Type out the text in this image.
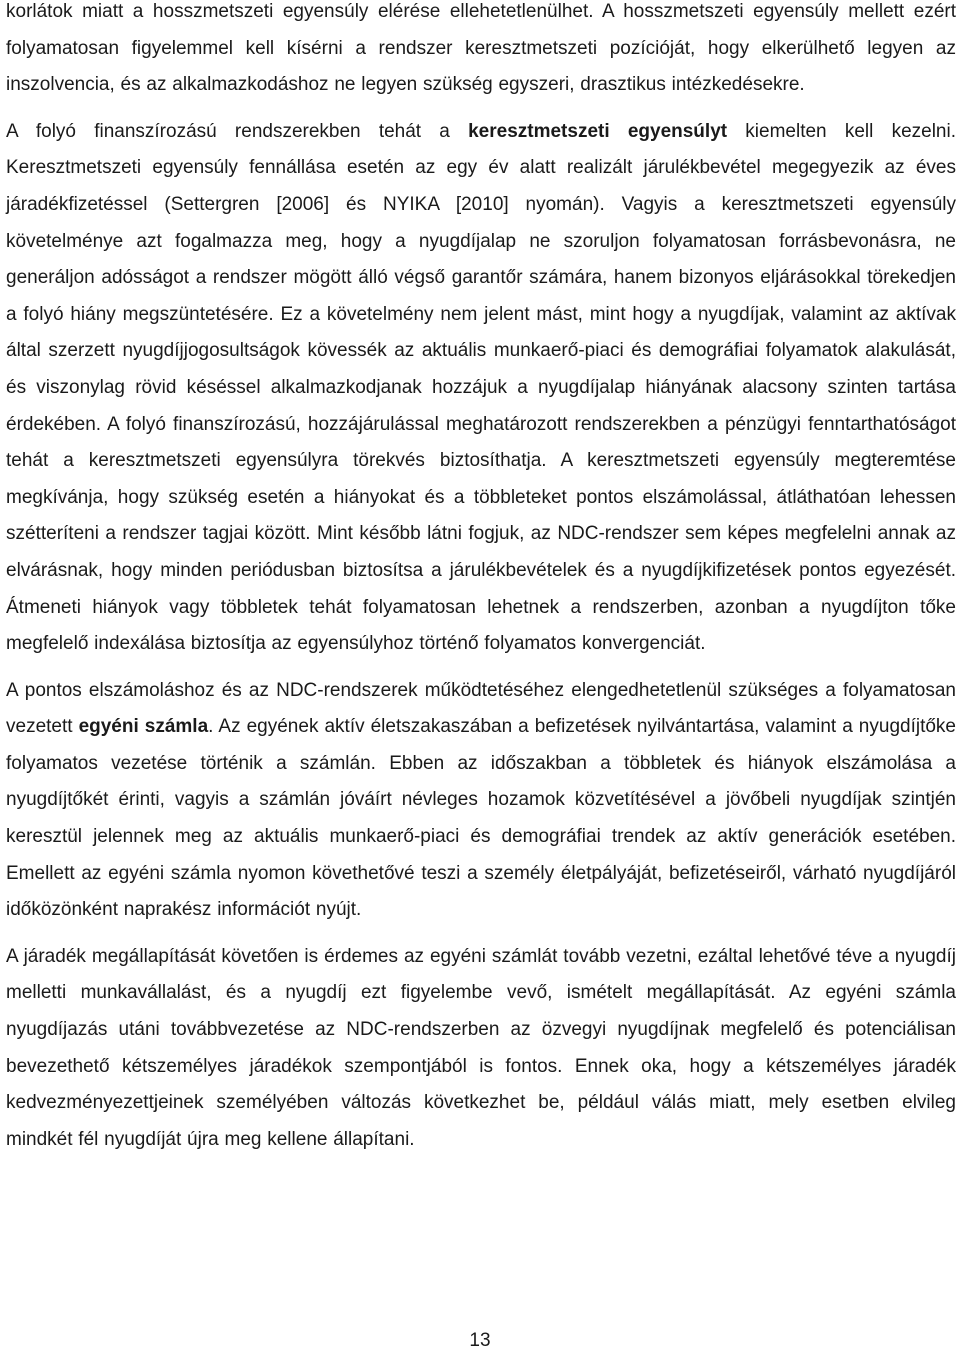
korlátok miatt a hosszmetszeti egyensúly elérése ellehetetlenülhet. A hosszmetszeti egyensúly mellett ezért folyamatosan figyelemmel kell kísérni a rendszer keresztmetszeti pozícióját, hogy elkerülhető legyen az inszolvencia, és az alkalmazkodáshoz ne legyen szükség egyszeri, drasztikus intézkedésekre.

A folyó finanszírozású rendszerekben tehát a keresztmetszeti egyensúlyt kiemelten kell kezelni. Keresztmetszeti egyensúly fennállása esetén az egy év alatt realizált járulékbevétel megegyezik az éves járadékfizetéssel (Settergren [2006] és NYIKA [2010] nyomán). Vagyis a keresztmetszeti egyensúly követelménye azt fogalmazza meg, hogy a nyugdíjalap ne szoruljon folyamatosan forrásbevonásra, ne generáljon adósságot a rendszer mögött álló végső garantőr számára, hanem bizonyos eljárásokkal törekedjen a folyó hiány megszüntetésére. Ez a követelmény nem jelent mást, mint hogy a nyugdíjak, valamint az aktívak által szerzett nyugdíjjogosultságok kövessék az aktuális munkaerő-piaci és demográfiai folyamatok alakulását, és viszonylag rövid késéssel alkalmazkodjanak hozzájuk a nyugdíjalap hiányának alacsony szinten tartása érdekében. A folyó finanszírozású, hozzájárulással meghatározott rendszerekben a pénzügyi fenntarthatóságot tehát a keresztmetszeti egyensúlyra törekvés biztosíthatja. A keresztmetszeti egyensúly megteremtése megkívánja, hogy szükség esetén a hiányokat és a többleteket pontos elszámolással, átláthatóan lehessen szétteríteni a rendszer tagjai között. Mint később látni fogjuk, az NDC-rendszer sem képes megfelelni annak az elvárásnak, hogy minden periódusban biztosítsa a járulékbevételek és a nyugdíjkifizetések pontos egyezését. Átmeneti hiányok vagy többletek tehát folyamatosan lehetnek a rendszerben, azonban a nyugdíjton tőke megfelelő indexálása biztosítja az egyensúlyhoz történő folyamatos konvergenciát.

A pontos elszámoláshoz és az NDC-rendszerek működtetéséhez elengedhetetlenül szükséges a folyamatosan vezetett egyéni számla. Az egyének aktív életszakaszában a befizetések nyilvántartása, valamint a nyugdíjtőke folyamatos vezetése történik a számlán. Ebben az időszakban a többletek és hiányok elszámolása a nyugdíjtőkét érinti, vagyis a számlán jóváírt névleges hozamok közvetítésével a jövőbeli nyugdíjak szintjén keresztül jelennek meg az aktuális munkaerő-piaci és demográfiai trendek az aktív generációk esetében. Emellett az egyéni számla nyomon követhetővé teszi a személy életpályáját, befizetéseiről, várható nyugdíjáról időközönként naprakész információt nyújt.

A járadék megállapítását követően is érdemes az egyéni számlát tovább vezetni, ezáltal lehetővé téve a nyugdíj melletti munkavállalást, és a nyugdíj ezt figyelembe vevő, ismételt megállapítását. Az egyéni számla nyugdíjazás utáni továbbvezetése az NDC-rendszerben az özvegyi nyugdíjnak megfelelő és potenciálisan bevezethető kétszemélyes járadékok szempontjából is fontos. Ennek oka, hogy a kétszemélyes járadék kedvezményezettjeinek személyében változás következhet be, például válás miatt, mely esetben elvileg mindkét fél nyugdíját újra meg kellene állapítani.

13
